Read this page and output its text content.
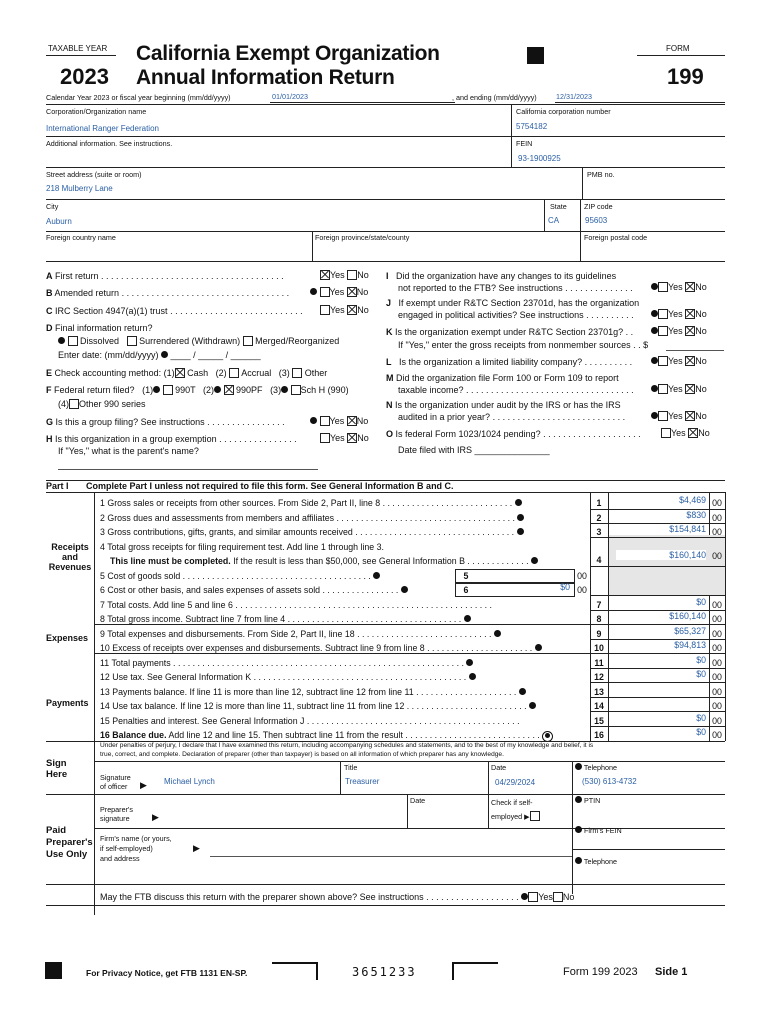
TAXABLE YEAR
2023
California Exempt Organization
Annual Information Return
FORM
199
Calendar Year 2023 or fiscal year beginning (mm/dd/yyyy)	01/01/2023	, and ending (mm/dd/yyyy)	12/31/2023
Corporation/Organization name
International Ranger Federation
California corporation number
5754182
Additional information. See instructions.	FEIN
93-1900925
Street address (suite or room)
218 Mulberry Lane
PMB no.
City
Auburn
State
CA
ZIP code
95603
Foreign country name	Foreign province/state/county	Foreign postal code
A First return . . . . . . . . . . . . . . . . . . . . . . . . . . . . . . . . . . . . .	Yes No
B Amended return . . . . . . . . . . . . . . . . . . . . . . . . . . . . . . . . . .	Yes No
C IRC Section 4947(a)(1) trust . . . . . . . . . . . . . . . . . . . . . . . . . . .	Yes No
D Final information return?
Dissolved Surrendered (Withdrawn) Merged/Reorganized
Enter date: (mm/dd/yyyy)  ____ / _____ / ______
E Check accounting method: (1) Cash (2) Accrual (3) Other
F Federal return filed? (1) 990T (2) 990PF (3) Sch H (990)
(4) Other 990 series
G Is this a group filing? See instructions . . . . . . . . . . . . . . . .	Yes No
H Is this organization in a group exemption . . . . . . . . . . . . . . . .	Yes No
If "Yes," what is the parent's name?
I Did the organization have any changes to its guidelines
not reported to the FTB? See instructions . . . . . . . . . . . . . .	Yes No
J If exempt under R&TC Section 23701d, has the organization
engaged in political activities? See instructions . . . . . . . . . .	Yes No
K Is the organization exempt under R&TC Section 23701g? . .	Yes No
If "Yes," enter the gross receipts from nonmember sources . . $
L Is the organization a limited liability company? . . . . . . . . . .	Yes No
M Did the organization file Form 100 or Form 109 to report
taxable income? . . . . . . . . . . . . . . . . . . . . . . . . . . . . . . . . . .	Yes No
N Is the organization under audit by the IRS or has the IRS
audited in a prior year? . . . . . . . . . . . . . . . . . . . . . . . . . . .	Yes No
O Is federal Form 1023/1024 pending? . . . . . . . . . . . . . . . . . . . .	Yes No
Date filed with IRS _______________
Part I Complete Part I unless not required to file this form. See General Information B and C.
Receipts
and
Revenues
Expenses
Payments
1 Gross sales or receipts from other sources. From Side 2, Part II, line 8 . . . . . . . . . . . . . . . . . . . . . . . . . . .	1	$4,469 00
2 Gross dues and assessments from members and affiliates . . . . . . . . . . . . . . . . . . . . . . . . . . . . . . . . . . . . .	2	$830 00
3 Gross contributions, gifts, grants, and similar amounts received . . . . . . . . . . . . . . . . . . . . . . . . . . . . . . . . .	3	$154,841 00
4 Total gross receipts for filing requirement test. Add line 1 through line 3.
This line must be completed. If the result is less than $50,000, see General Information B . . . . . . . . . . . . .	4	$160,140 00
5 Cost of goods sold . . . . . . . . . . . . . . . . . . . . . . . . . . . . . . . . . . . . . . .	5	00
6 Cost or other basis, and sales expenses of assets sold . . . . . . . . . . . . . . . .	6	$0 00
7 Total costs. Add line 5 and line 6 . . . . . . . . . . . . . . . . . . . . . . . . . . . . . . . . . . . . . . . . . . . . . . . . . . . . .	7	$0 00
8 Total gross income. Subtract line 7 from line 4 . . . . . . . . . . . . . . . . . . . . . . . . . . . . . . . . . . . .	8	$160,140 00
9 Total expenses and disbursements. From Side 2, Part II, line 18 . . . . . . . . . . . . . . . . . . . . . . . . . . . .	9	$65,327 00
10 Excess of receipts over expenses and disbursements. Subtract line 9 from line 8 . . . . . . . . . . . . . . . . . . . . . .	10	$94,813 00
11 Total payments . . . . . . . . . . . . . . . . . . . . . . . . . . . . . . . . . . . . . . . . . . . . . . . . . . . . . . . . . . . .	11	$0 00
12 Use tax. See General Information K . . . . . . . . . . . . . . . . . . . . . . . . . . . . . . . . . . . . . . . . . . . .	12	$0 00
13 Payments balance. If line 11 is more than line 12, subtract line 12 from line 11 . . . . . . . . . . . . . . . . . . . . .	13	00
14 Use tax balance. If line 12 is more than line 11, subtract line 11 from line 12 . . . . . . . . . . . . . . . . . . . . . . . . .	14	00
15 Penalties and interest. See General Information J . . . . . . . . . . . . . . . . . . . . . . . . . . . . . . . . . . . . . . . . . . . .	15	$0 00
16 Balance due. Add line 12 and line 15. Then subtract line 11 from the result . . . . . . . . . . . . . . . . . . . . . . . . . . . .	16	$0 00
Under penalties of perjury, I declare that I have examined this return, including accompanying schedules and statements, and to the best of my knowledge and belief, it is
true, correct, and complete. Declaration of preparer (other than taxpayer) is based on all information of which preparer has any knowledge.
Sign
Here
Title	Date	Telephone
Signature
of officer	▶ Michael Lynch	Treasurer	04/29/2024	(530) 613-4732
Paid
Preparer's
Use Only
Preparer's
signature	▶
Date	Check if self-
employed ▶
PTIN
Firm's name (or yours,
if self-employed)
and address
▶
Firm's FEIN
Telephone
May the FTB discuss this return with the preparer shown above? See instructions . . . . . . . . . . . . . . . . . . . Yes No
For Privacy Notice, get FTB 1131 EN-SP.	3651233	Form 199 2023 Side 1
